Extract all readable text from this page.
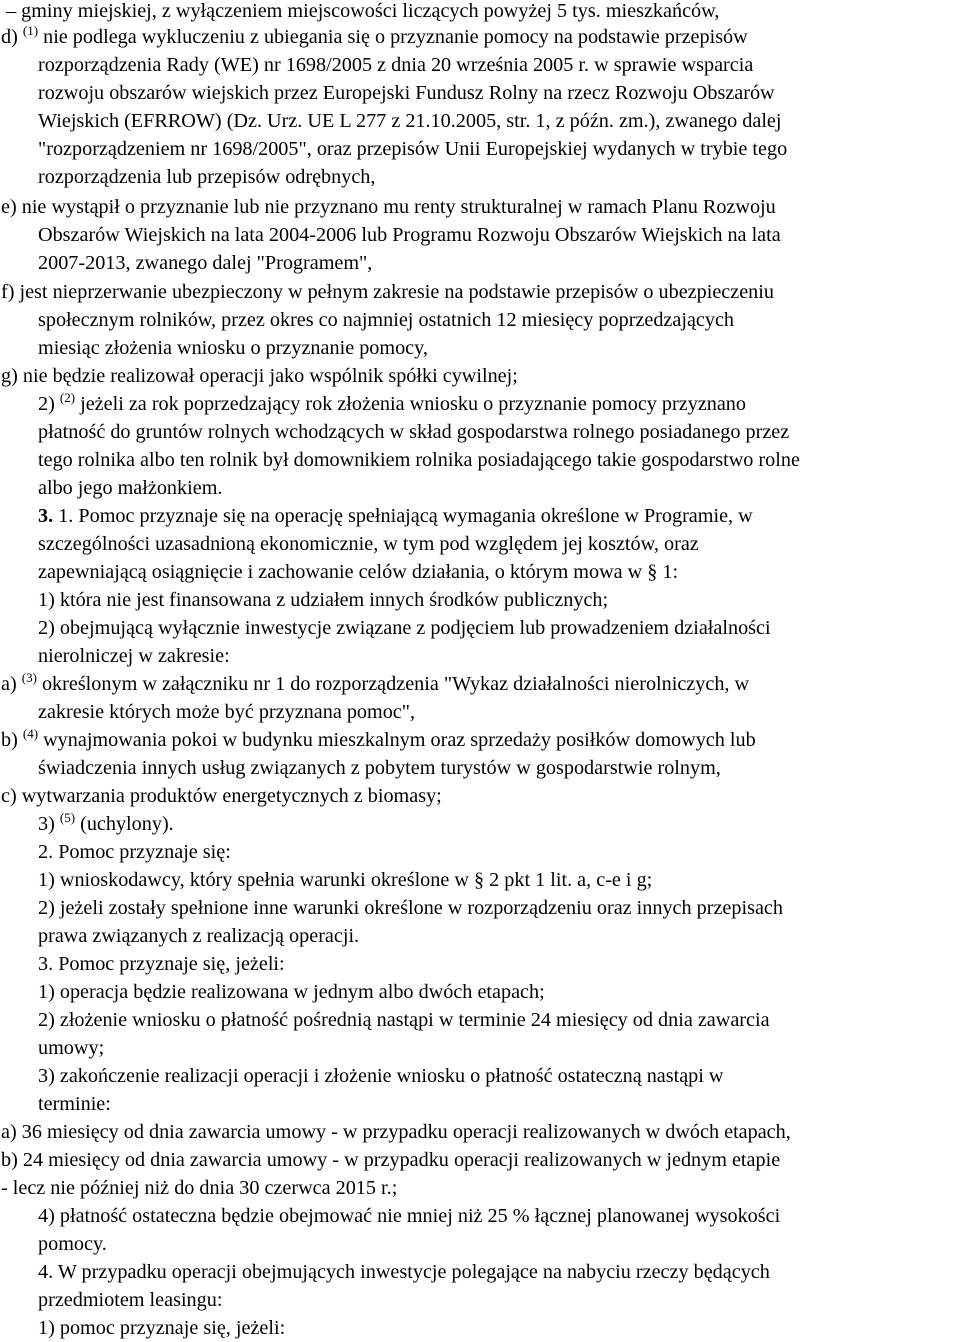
– gminy miejskiej, z wyłączeniem miejscowości liczących powyżej 5 tys. mieszkańców,
d) $^{(1)}$ nie podlega wykluczeniu z ubiegania się o przyznanie pomocy na podstawie przepisów
rozporządzenia Rady (WE) nr 1698/2005 z dnia 20 września 2005 r. w sprawie wsparcia
rozwoju obszarów wiejskich przez Europejski Fundusz Rolny na rzecz Rozwoju Obszarów
Wiejskich (EFRROW) (Dz. Urz. UE L 277 z 21.10.2005, str. 1, z późn. zm.), zwanego dalej
"rozporządzeniem nr 1698/2005", oraz przepisów Unii Europejskiej wydanych w trybie tego
rozporządzenia lub przepisów odrębnych,
e) nie wystąpił o przyznanie lub nie przyznano mu renty strukturalnej w ramach Planu Rozwoju
Obszarów Wiejskich na lata 2004-2006 lub Programu Rozwoju Obszarów Wiejskich na lata
2007-2013, zwanego dalej "Programem",
f) jest nieprzerwanie ubezpieczony w pełnym zakresie na podstawie przepisów o ubezpieczeniu
społecznym rolników, przez okres co najmniej ostatnich 12 miesięcy poprzedzających
miesiąc złożenia wniosku o przyznanie pomocy,
g) nie będzie realizował operacji jako wspólnik spółki cywilnej;
2) $^{(2)}$ jeżeli za rok poprzedzający rok złożenia wniosku o przyznanie pomocy przyznano
płatność do gruntów rolnych wchodzących w skład gospodarstwa rolnego posiadanego przez
tego rolnika albo ten rolnik był domownikiem rolnika posiadającego takie gospodarstwo rolne
albo jego małżonkiem.
3. 1. Pomoc przyznaje się na operację spełniającą wymagania określone w Programie, w
szczególności uzasadnioną ekonomicznie, w tym pod względem jej kosztów, oraz
zapewniającą osiągnięcie i zachowanie celów działania, o którym mowa w § 1:
1) która nie jest finansowana z udziałem innych środków publicznych;
2) obejmującą wyłącznie inwestycje związane z podjęciem lub prowadzeniem działalności
nierolniczej w zakresie:
a) $^{(3)}$ określonym w załączniku nr 1 do rozporządzenia "Wykaz działalności nierolniczych, w
zakresie których może być przyznana pomoc",
b) $^{(4)}$ wynajmowania pokoi w budynku mieszkalnym oraz sprzedaży posiłków domowych lub
świadczenia innych usług związanych z pobytem turystów w gospodarstwie rolnym,
c) wytwarzania produktów energetycznych z biomasy;
3) $^{(5)}$ (uchylony).
2. Pomoc przyznaje się:
1) wnioskodawcy, który spełnia warunki określone w § 2 pkt 1 lit. a, c-e i g;
2) jeżeli zostały spełnione inne warunki określone w rozporządzeniu oraz innych przepisach
prawa związanych z realizacją operacji.
3. Pomoc przyznaje się, jeżeli:
1) operacja będzie realizowana w jednym albo dwóch etapach;
2) złożenie wniosku o płatność pośrednią nastąpi w terminie 24 miesięcy od dnia zawarcia
umowy;
3) zakończenie realizacji operacji i złożenie wniosku o płatność ostateczną nastąpi w
terminie:
a) 36 miesięcy od dnia zawarcia umowy - w przypadku operacji realizowanych w dwóch etapach,
b) 24 miesięcy od dnia zawarcia umowy - w przypadku operacji realizowanych w jednym etapie
- lecz nie później niż do dnia 30 czerwca 2015 r.;
4) płatność ostateczna będzie obejmować nie mniej niż 25 % łącznej planowanej wysokości
pomocy.
4. W przypadku operacji obejmujących inwestycje polegające na nabyciu rzeczy będących
przedmiotem leasingu:
1) pomoc przyznaje się, jeżeli:
